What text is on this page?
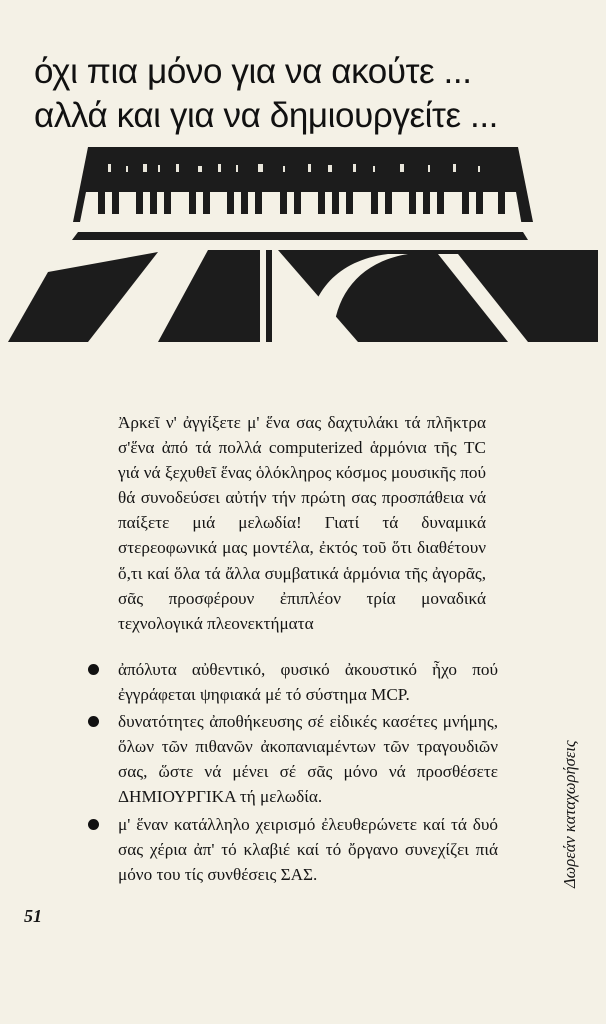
όχι πια μόνο για να ακούτε ...
αλλά και για να δημιουργείτε ...

Ἀρκεῖ ν' ἀγγίξετε μ' ἕνα σας δαχτυλάκι τά πλῆκτρα σ'ἕνα ἀπό τά πολλά computerized ἁρμόνια τῆς TC γιά νά ξεχυθεῖ ἕνας ὁλόκληρος κόσμος μουσικῆς πού θά συνοδεύσει αὐτήν τήν πρώτη σας προσπάθεια νά παίξετε μιά μελωδία! Γιατί τά δυναμικά στερεοφωνικά μας μοντέλα, ἐκτός τοῦ ὅτι διαθέτουν ὅ,τι καί ὅλα τά ἄλλα συμβατικά ἁρμόνια τῆς ἀγορᾶς, σᾶς προσφέρουν ἐπιπλέον τρία μοναδικά τεχνολογικά πλεονεκτήματα

ἀπόλυτα αὐθεντικό, φυσικό ἀκουστικό ἦχο πού ἐγγράφεται ψηφιακά μέ τό σύστημα MCP.
δυνατότητες ἀποθήκευσης σέ εἰδικές κασέτες μνήμης, ὅλων τῶν πιθανῶν ἀκοπανιαμέντων τῶν τραγουδιῶν σας, ὥστε νά μένει σέ σᾶς μόνο νά προσθέσετε ΔΗΜΙΟΥΡΓΙΚΑ τή μελωδία.
μ' ἕναν κατάλληλο χειρισμό ἐλευθερώνετε καί τά δυό σας χέρια ἀπ' τό κλαβιέ καί τό ὄργανο συνεχίζει πιά μόνο του τίς συνθέσεις ΣΑΣ.
51
Δωρεάν καταχωρήσεις
